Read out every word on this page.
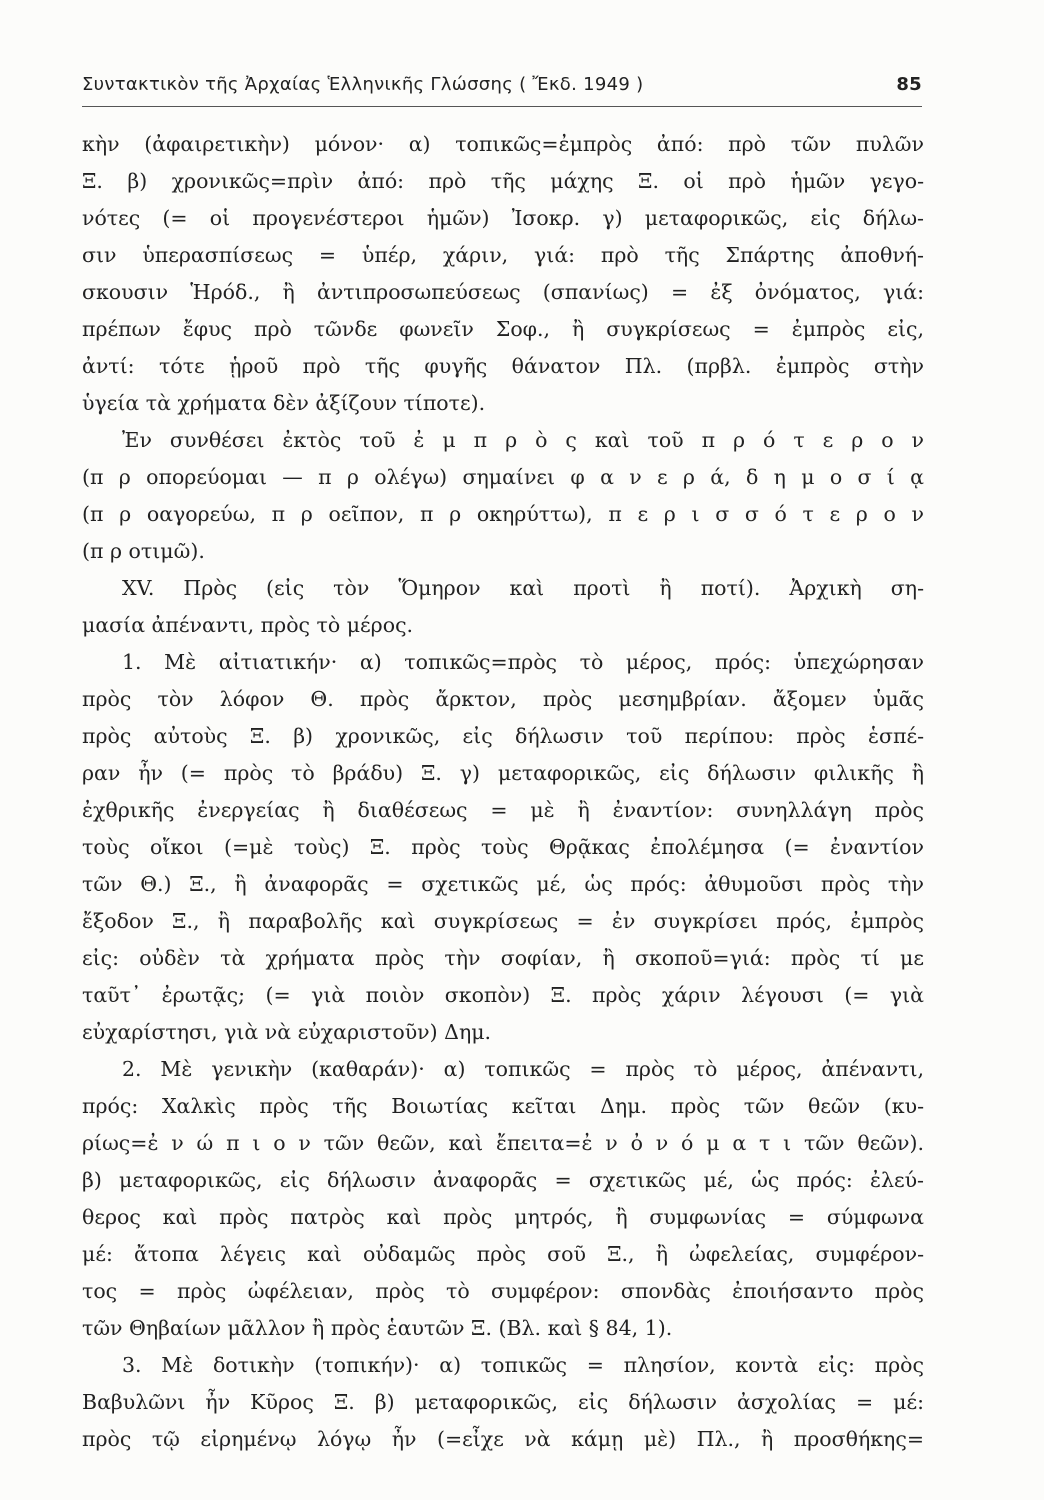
Συντακτικὸν τῆς Ἀρχαίας Ἑλληνικῆς Γλώσσης ( Ἔκδ. 1949 )	85
κὴν (ἀφαιρετικὴν) μόνον· α) τοπικῶς=ἐμπρὸς ἀπό: πρὸ τῶν πυλῶν
Ξ. β) χρονικῶς=πρὶν ἀπό: πρὸ τῆς μάχης Ξ. οἱ πρὸ ἡμῶν γεγο-
νότες (= οἱ προγενέστεροι ἡμῶν) Ἰσοκρ. γ) μεταφορικῶς, εἰς δήλω-
σιν ὑπερασπίσεως = ὑπέρ, χάριν, γιά: πρὸ τῆς Σπάρτης ἀποθνή-
σκουσιν Ἡρόδ., ἢ ἀντιπροσωπεύσεως (σπανίως) = ἐξ ὀνόματος, γιά:
πρέπων ἔφυς πρὸ τῶνδε φωνεῖν Σοφ., ἢ συγκρίσεως = ἐμπρὸς εἰς,
ἀντί: τότε ᾑροῦ πρὸ τῆς φυγῆς θάνατον Πλ. (πρβλ. ἐμπρὸς στὴν
ὑγεία τὰ χρήματα δὲν ἀξίζουν τίποτε).
Ἐν συνθέσει ἐκτὸς τοῦ ἐ μ π ρ ὸ ς καὶ τοῦ π ρ ό τ ε ρ ο ν
(π ρ οπορεύομαι — π ρ ολέγω) σημαίνει φ α ν ε ρ ά, δ η μ ο σ ί ᾳ
(π ρ οαγορεύω, π ρ οεῖπον, π ρ οκηρύττω), π ε ρ ι σ σ ό τ ε ρ ο ν
(π ρ οτιμῶ).
XV. Πρὸς (εἰς τὸν Ὅμηρον καὶ προτὶ ἢ ποτί). Ἀρχικὴ ση-
μασία ἀπέναντι, πρὸς τὸ μέρος.
1. Μὲ αἰτιατικήν· α) τοπικῶς=πρὸς τὸ μέρος, πρός: ὑπεχώρησαν
πρὸς τὸν λόφον Θ. πρὸς ἄρκτον, πρὸς μεσημβρίαν. ἄξομεν ὑμᾶς
πρὸς αὐτοὺς Ξ. β) χρονικῶς, εἰς δήλωσιν τοῦ περίπου: πρὸς ἑσπέ-
ραν ἦν (= πρὸς τὸ βράδυ) Ξ. γ) μεταφορικῶς, εἰς δήλωσιν φιλικῆς ἢ
ἐχθρικῆς ἐνεργείας ἢ διαθέσεως = μὲ ἢ ἐναντίον: συνηλλάγη πρὸς
τοὺς οἴκοι (=μὲ τοὺς) Ξ. πρὸς τοὺς Θρᾷκας ἐπολέμησα (= ἐναντίον
τῶν Θ.) Ξ., ἢ ἀναφορᾶς = σχετικῶς μέ, ὡς πρός: ἀθυμοῦσι πρὸς τὴν
ἔξοδον Ξ., ἢ παραβολῆς καὶ συγκρίσεως = ἐν συγκρίσει πρός, ἐμπρὸς
εἰς: οὐδὲν τὰ χρήματα πρὸς τὴν σοφίαν, ἢ σκοποῦ=γιά: πρὸς τί με
ταῦτ᾽ ἐρωτᾷς; (= γιὰ ποιὸν σκοπὸν) Ξ. πρὸς χάριν λέγουσι (= γιὰ
εὐχαρίστησι, γιὰ νὰ εὐχαριστοῦν) Δημ.
2. Μὲ γενικὴν (καθαράν)· α) τοπικῶς = πρὸς τὸ μέρος, ἀπέναντι,
πρός: Χαλκὶς πρὸς τῆς Βοιωτίας κεῖται Δημ. πρὸς τῶν θεῶν (κυ-
ρίως=ἐ ν ώ π ι ο ν τῶν θεῶν, καὶ ἔπειτα=ἐ ν ὀ ν ό μ α τ ι τῶν θεῶν).
β) μεταφορικῶς, εἰς δήλωσιν ἀναφορᾶς = σχετικῶς μέ, ὡς πρός: ἐλεύ-
θερος καὶ πρὸς πατρὸς καὶ πρὸς μητρός, ἢ συμφωνίας = σύμφωνα
μέ: ἄτοπα λέγεις καὶ οὐδαμῶς πρὸς σοῦ Ξ., ἢ ὠφελείας, συμφέρον-
τος = πρὸς ὠφέλειαν, πρὸς τὸ συμφέρον: σπονδὰς ἐποιήσαντο πρὸς
τῶν Θηβαίων μᾶλλον ἢ πρὸς ἑαυτῶν Ξ. (Βλ. καὶ § 84, 1).
3. Μὲ δοτικὴν (τοπικήν)· α) τοπικῶς = πλησίον, κοντὰ εἰς: πρὸς
Βαβυλῶνι ἦν Κῦρος Ξ. β) μεταφορικῶς, εἰς δήλωσιν ἀσχολίας = μέ:
πρὸς τῷ εἰρημένῳ λόγῳ ἦν (=εἶχε νὰ κάμῃ μὲ) Πλ., ἢ προσθήκης=
